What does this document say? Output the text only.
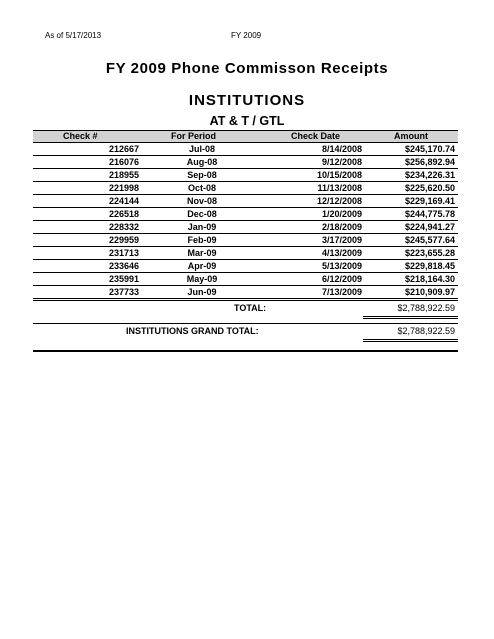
As of 5/17/2013	FY 2009
FY 2009 Phone Commisson Receipts
INSTITUTIONS
AT & T / GTL
Check #	For Period	Check Date	Amount
212667	Jul-08	8/14/2008	$245,170.74
216076	Aug-08	9/12/2008	$256,892.94
218955	Sep-08	10/15/2008	$234,226.31
221998	Oct-08	11/13/2008	$225,620.50
224144	Nov-08	12/12/2008	$229,169.41
226518	Dec-08	1/20/2009	$244,775.78
228332	Jan-09	2/18/2009	$224,941.27
229959	Feb-09	3/17/2009	$245,577.64
231713	Mar-09	4/13/2009	$223,655.28
233646	Apr-09	5/13/2009	$229,818.45
235991	May-09	6/12/2009	$218,164.30
237733	Jun-09	7/13/2009	$210,909.97
TOTAL:	$2,788,922.59
INSTITUTIONS GRAND TOTAL:	$2,788,922.59
